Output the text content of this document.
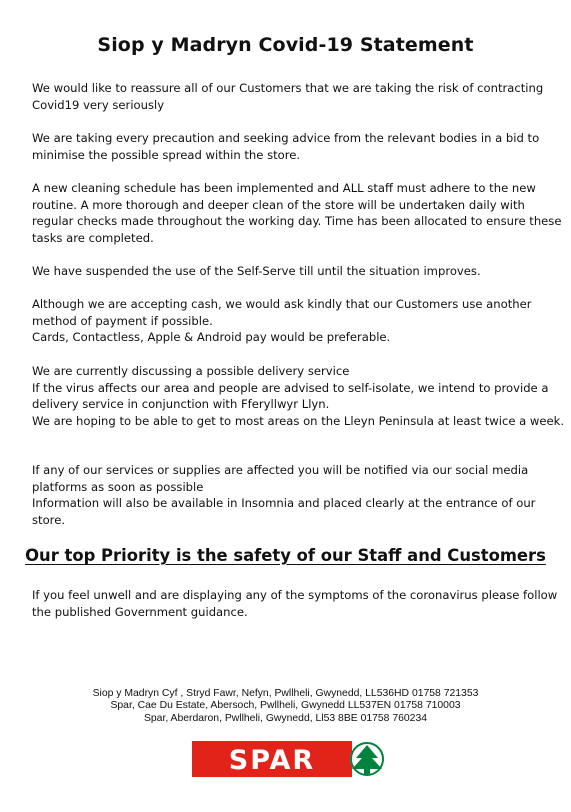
Siop y Madryn Covid-19 Statement

We would like to reassure all of our Customers that we are taking the risk of contracting
Covid19 very seriously

We are taking every precaution and seeking advice from the relevant bodies in a bid to
minimise the possible spread within the store.

A new cleaning schedule has been implemented and ALL staff must adhere to the new
routine. A more thorough and deeper clean of the store will be undertaken daily with
regular checks made throughout the working day. Time has been allocated to ensure these
tasks are completed.

We have suspended the use of the Self-Serve till until the situation improves.

Although we are accepting cash, we would ask kindly that our Customers use another
method of payment if possible.
Cards, Contactless, Apple & Android pay would be preferable.

We are currently discussing a possible delivery service
If the virus affects our area and people are advised to self-isolate, we intend to provide a
delivery service in conjunction with Fferyllwyr Llyn.
We are hoping to be able to get to most areas on the Lleyn Peninsula at least twice a week.

If any of our services or supplies are affected you will be notified via our social media
platforms as soon as possible
Information will also be available in Insomnia and placed clearly at the entrance of our
store.

Our top Priority is the safety of our Staff and Customers

If you feel unwell and are displaying any of the symptoms of the coronavirus please follow
the published Government guidance.

Siop y Madryn Cyf , Stryd Fawr, Nefyn, Pwllheli, Gwynedd, LL536HD 01758 721353
Spar, Cae Du Estate, Abersoch, Pwllheli, Gwynedd LL537EN 01758 710003
Spar, Aberdaron, Pwllheli, Gwynedd, Ll53 8BE 01758 760234
SPAR
